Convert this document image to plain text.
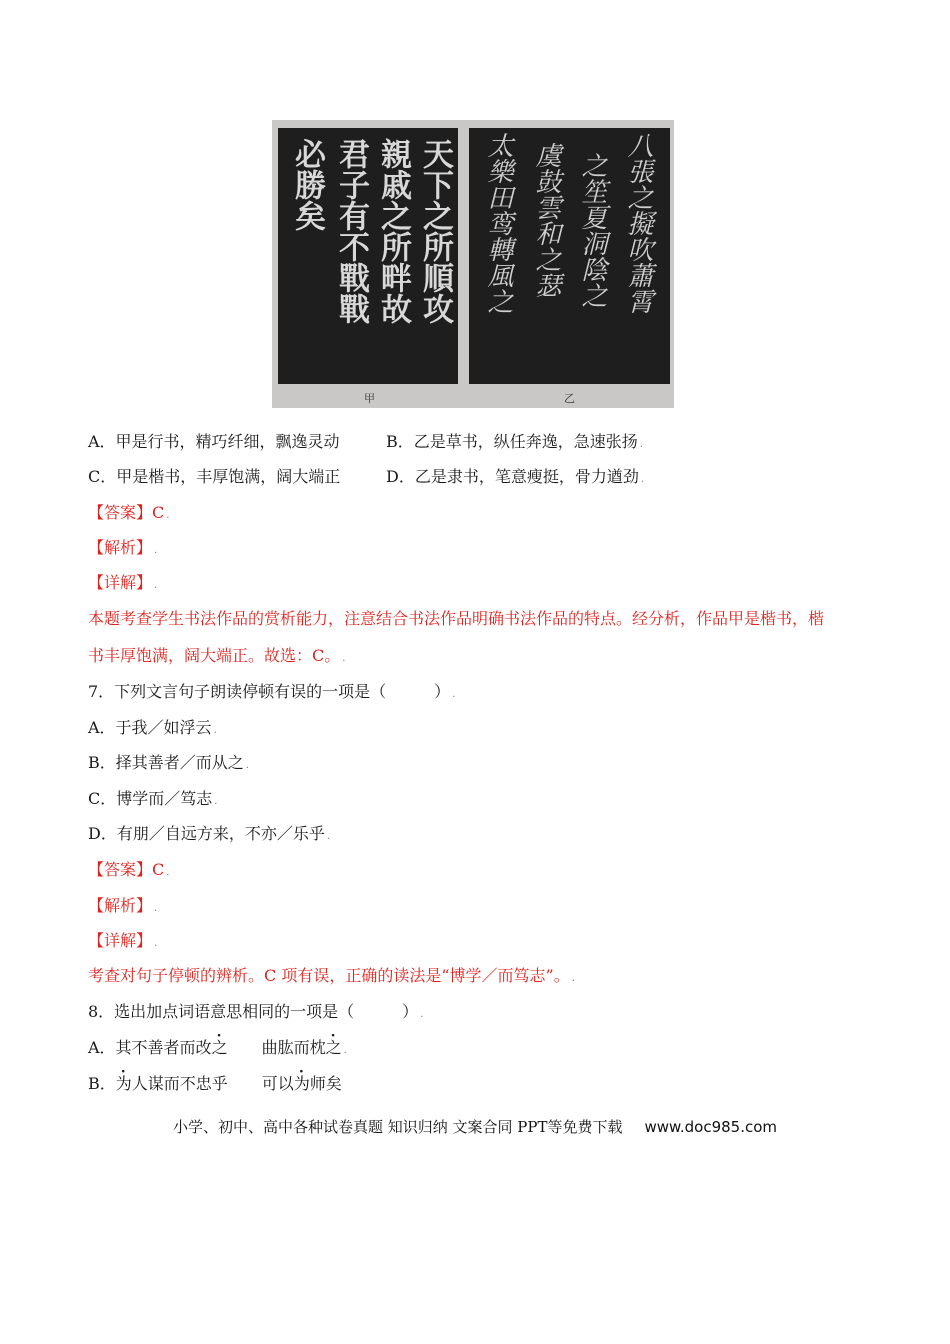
天下之所順攻
親戚之所畔故
君子有不戰戰
必勝矣	八張之擬吹蕭霄
之笙夏洞陰之
虞鼓雲和之瑟
太樂田鸾轉風之
甲	乙
A．甲是行书，精巧纤细，飘逸灵动	B．乙是草书，纵任奔逸，急速张扬 .
C．甲是楷书，丰厚饱满，阔大端正	D．乙是隶书，笔意瘦挺，骨力遒劲 .
【答案】C .
【解析】 .
【详解】 .
本题考查学生书法作品的赏析能力，注意结合书法作品明确书法作品的特点。经分析，作品甲是楷书，楷
书丰厚饱满，阔大端正。故选：C。 .
7．下列文言句子朗读停顿有误的一项是（　　　） .
A．于我／如浮云 .
B．择其善者／而从之 .
C．博学而／笃志 .
D．有朋／自远方来，不亦／乐乎 .
【答案】C .
【解析】 .
【详解】 .
考查对句子停顿的辨析。C 项有误，正确的读法是“博学／而笃志”。 .
8．选出加点词语意思相同的一项是（　　　） .
A．其不善者而改之 曲肱而枕之 .
B．为人谋而不忠乎 可以为师矣
小学、初中、高中各种试卷真题 知识归纳 文案合同 PPT等免费下载 www.doc985.com
